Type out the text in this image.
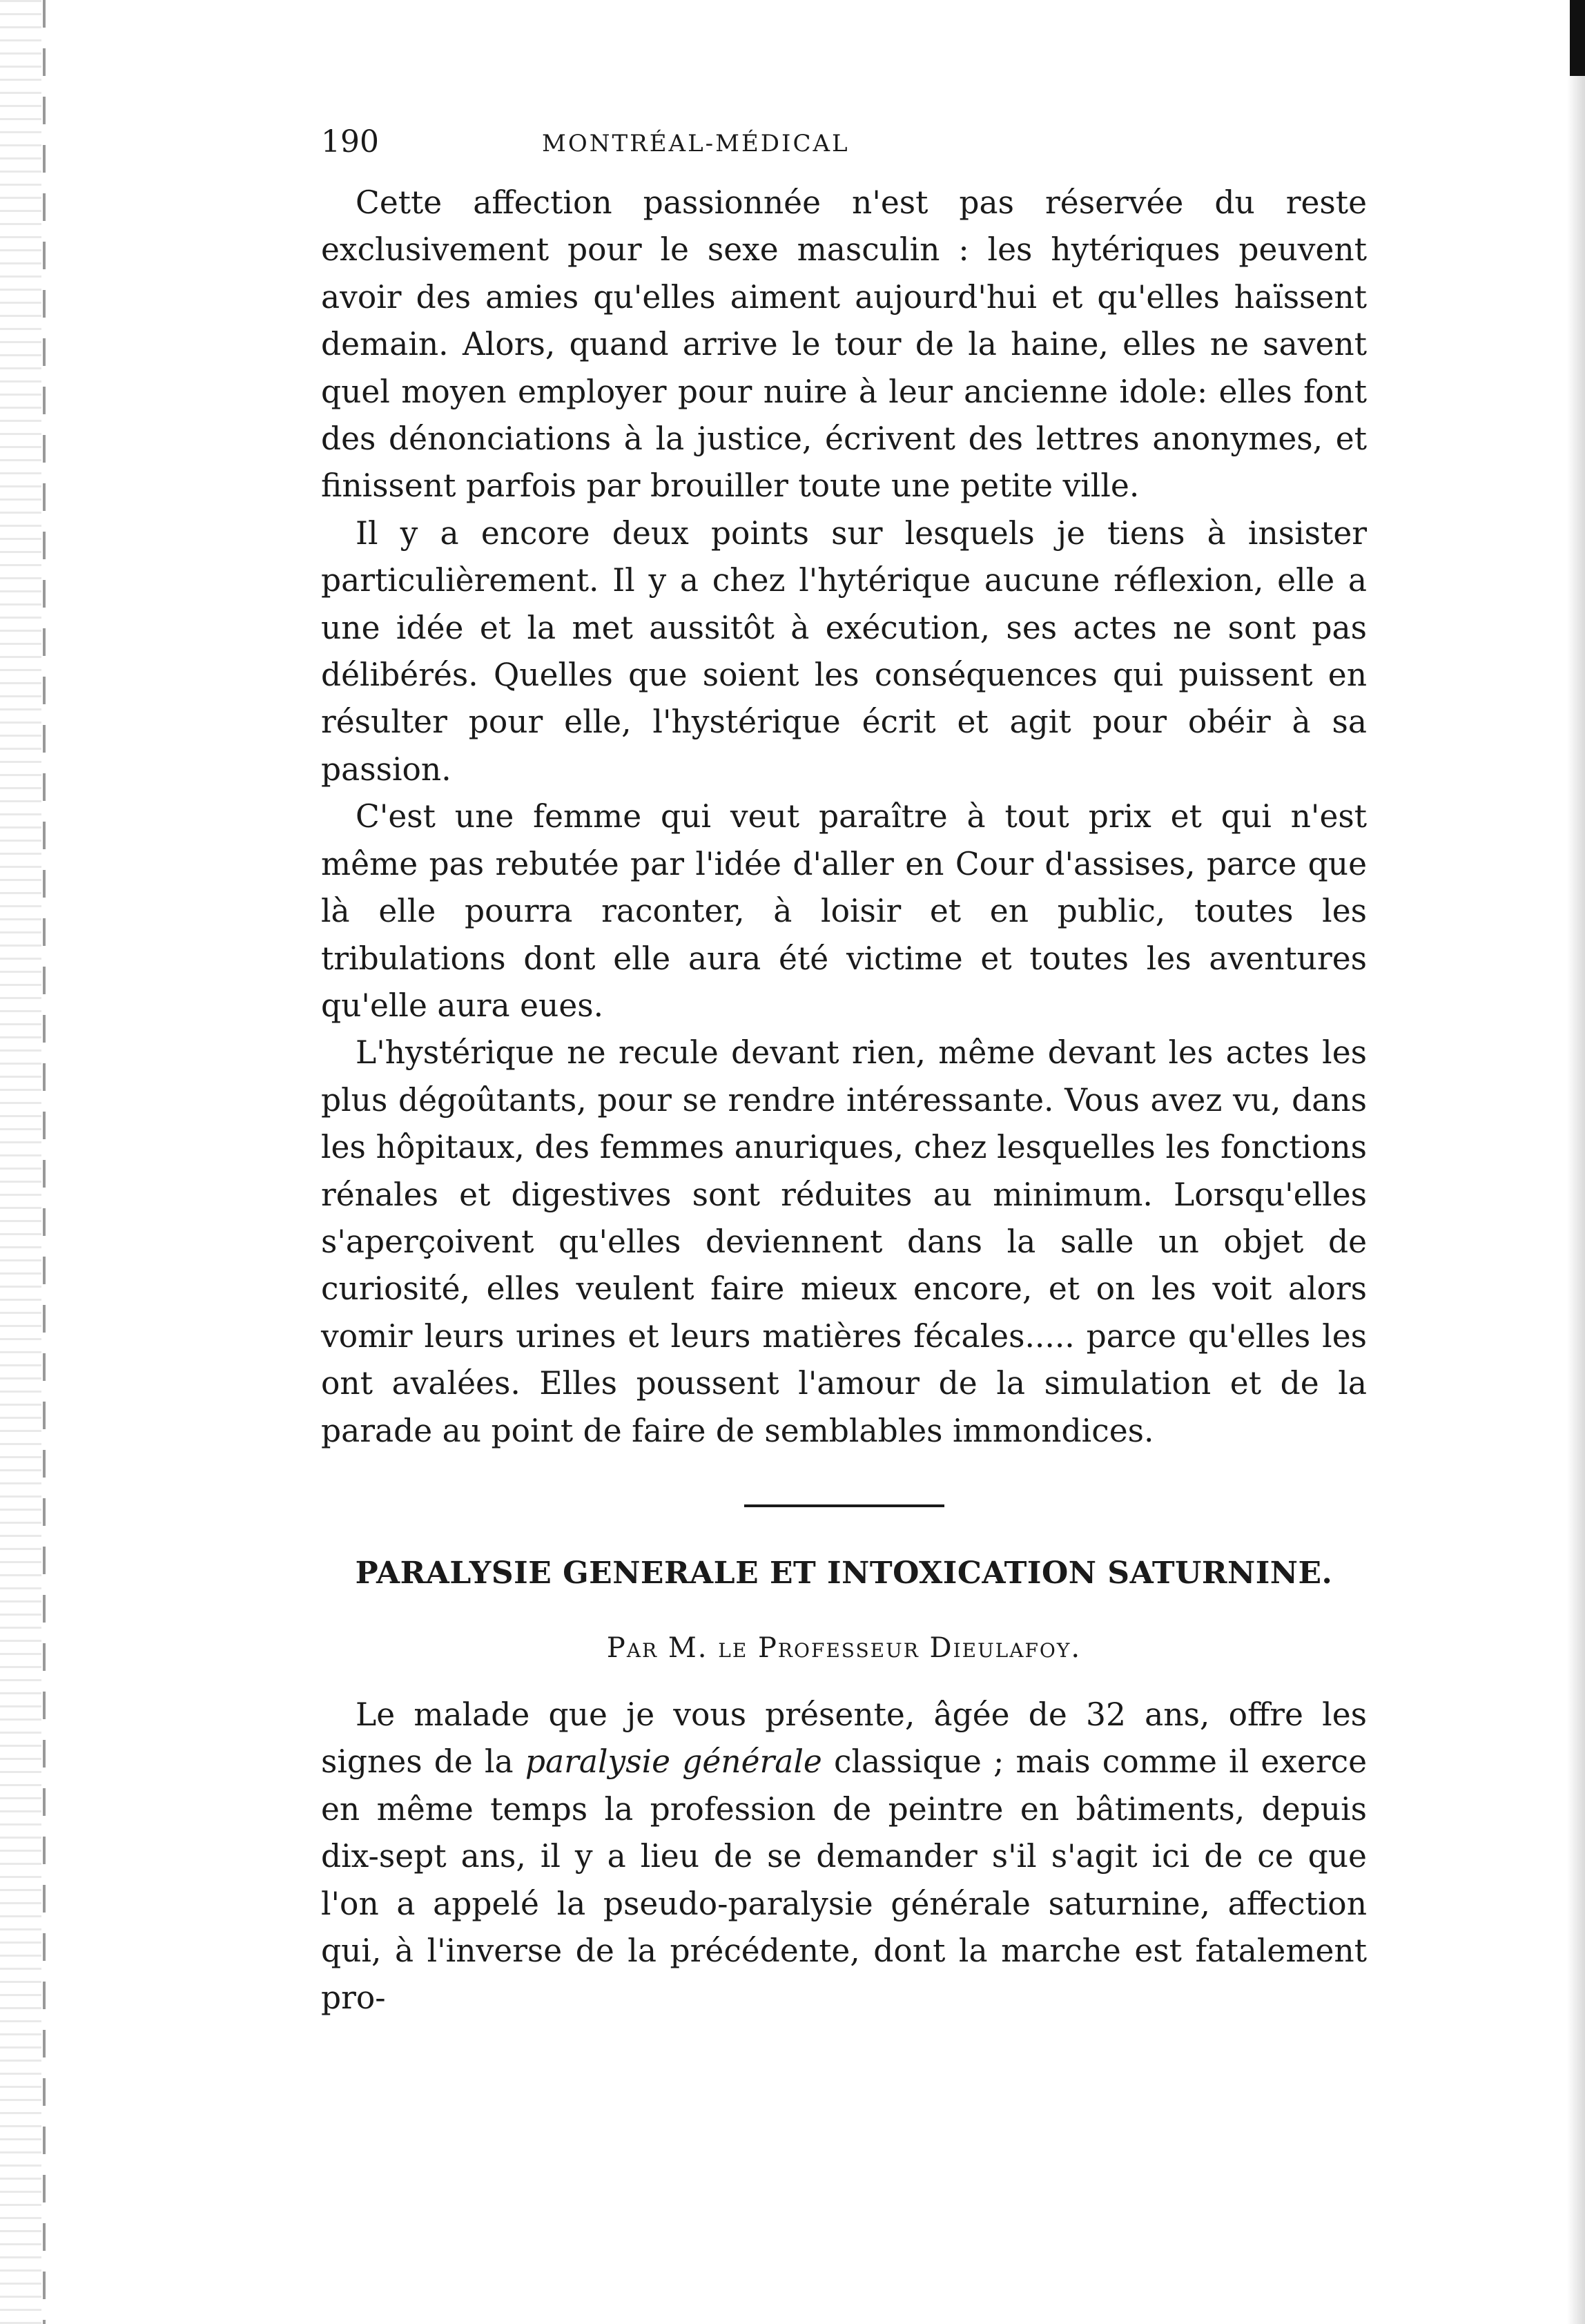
190	MONTRÉAL-MÉDICAL

Cette affection passionnée n'est pas réservée du reste exclusivement pour le sexe masculin : les hytériques peuvent avoir des amies qu'elles aiment aujourd'hui et qu'elles haïssent demain. Alors, quand arrive le tour de la haine, elles ne savent quel moyen employer pour nuire à leur ancienne idole: elles font des dénonciations à la justice, écrivent des lettres anonymes, et finissent parfois par brouiller toute une petite ville.

Il y a encore deux points sur lesquels je tiens à insister particulièrement. Il y a chez l'hytérique aucune réflexion, elle a une idée et la met aussitôt à exécution, ses actes ne sont pas délibérés. Quelles que soient les conséquences qui puissent en résulter pour elle, l'hystérique écrit et agit pour obéir à sa passion.

C'est une femme qui veut paraître à tout prix et qui n'est même pas rebutée par l'idée d'aller en Cour d'assises, parce que là elle pourra raconter, à loisir et en public, toutes les tribulations dont elle aura été victime et toutes les aventures qu'elle aura eues.

L'hystérique ne recule devant rien, même devant les actes les plus dégoûtants, pour se rendre intéressante. Vous avez vu, dans les hôpitaux, des femmes anuriques, chez lesquelles les fonctions rénales et digestives sont réduites au minimum. Lorsqu'elles s'aperçoivent qu'elles deviennent dans la salle un objet de curiosité, elles veulent faire mieux encore, et on les voit alors vomir leurs urines et leurs matières fécales..... parce qu'elles les ont avalées. Elles poussent l'amour de la simulation et de la parade au point de faire de semblables immondices.

PARALYSIE GENERALE ET INTOXICATION SATURNINE.
Par M. le Professeur Dieulafoy.

Le malade que je vous présente, âgée de 32 ans, offre les signes de la paralysie générale classique ; mais comme il exerce en même temps la profession de peintre en bâtiments, depuis dix-sept ans, il y a lieu de se demander s'il s'agit ici de ce que l'on a appelé la pseudo-paralysie générale saturnine, affection qui, à l'inverse de la précédente, dont la marche est fatalement pro-
